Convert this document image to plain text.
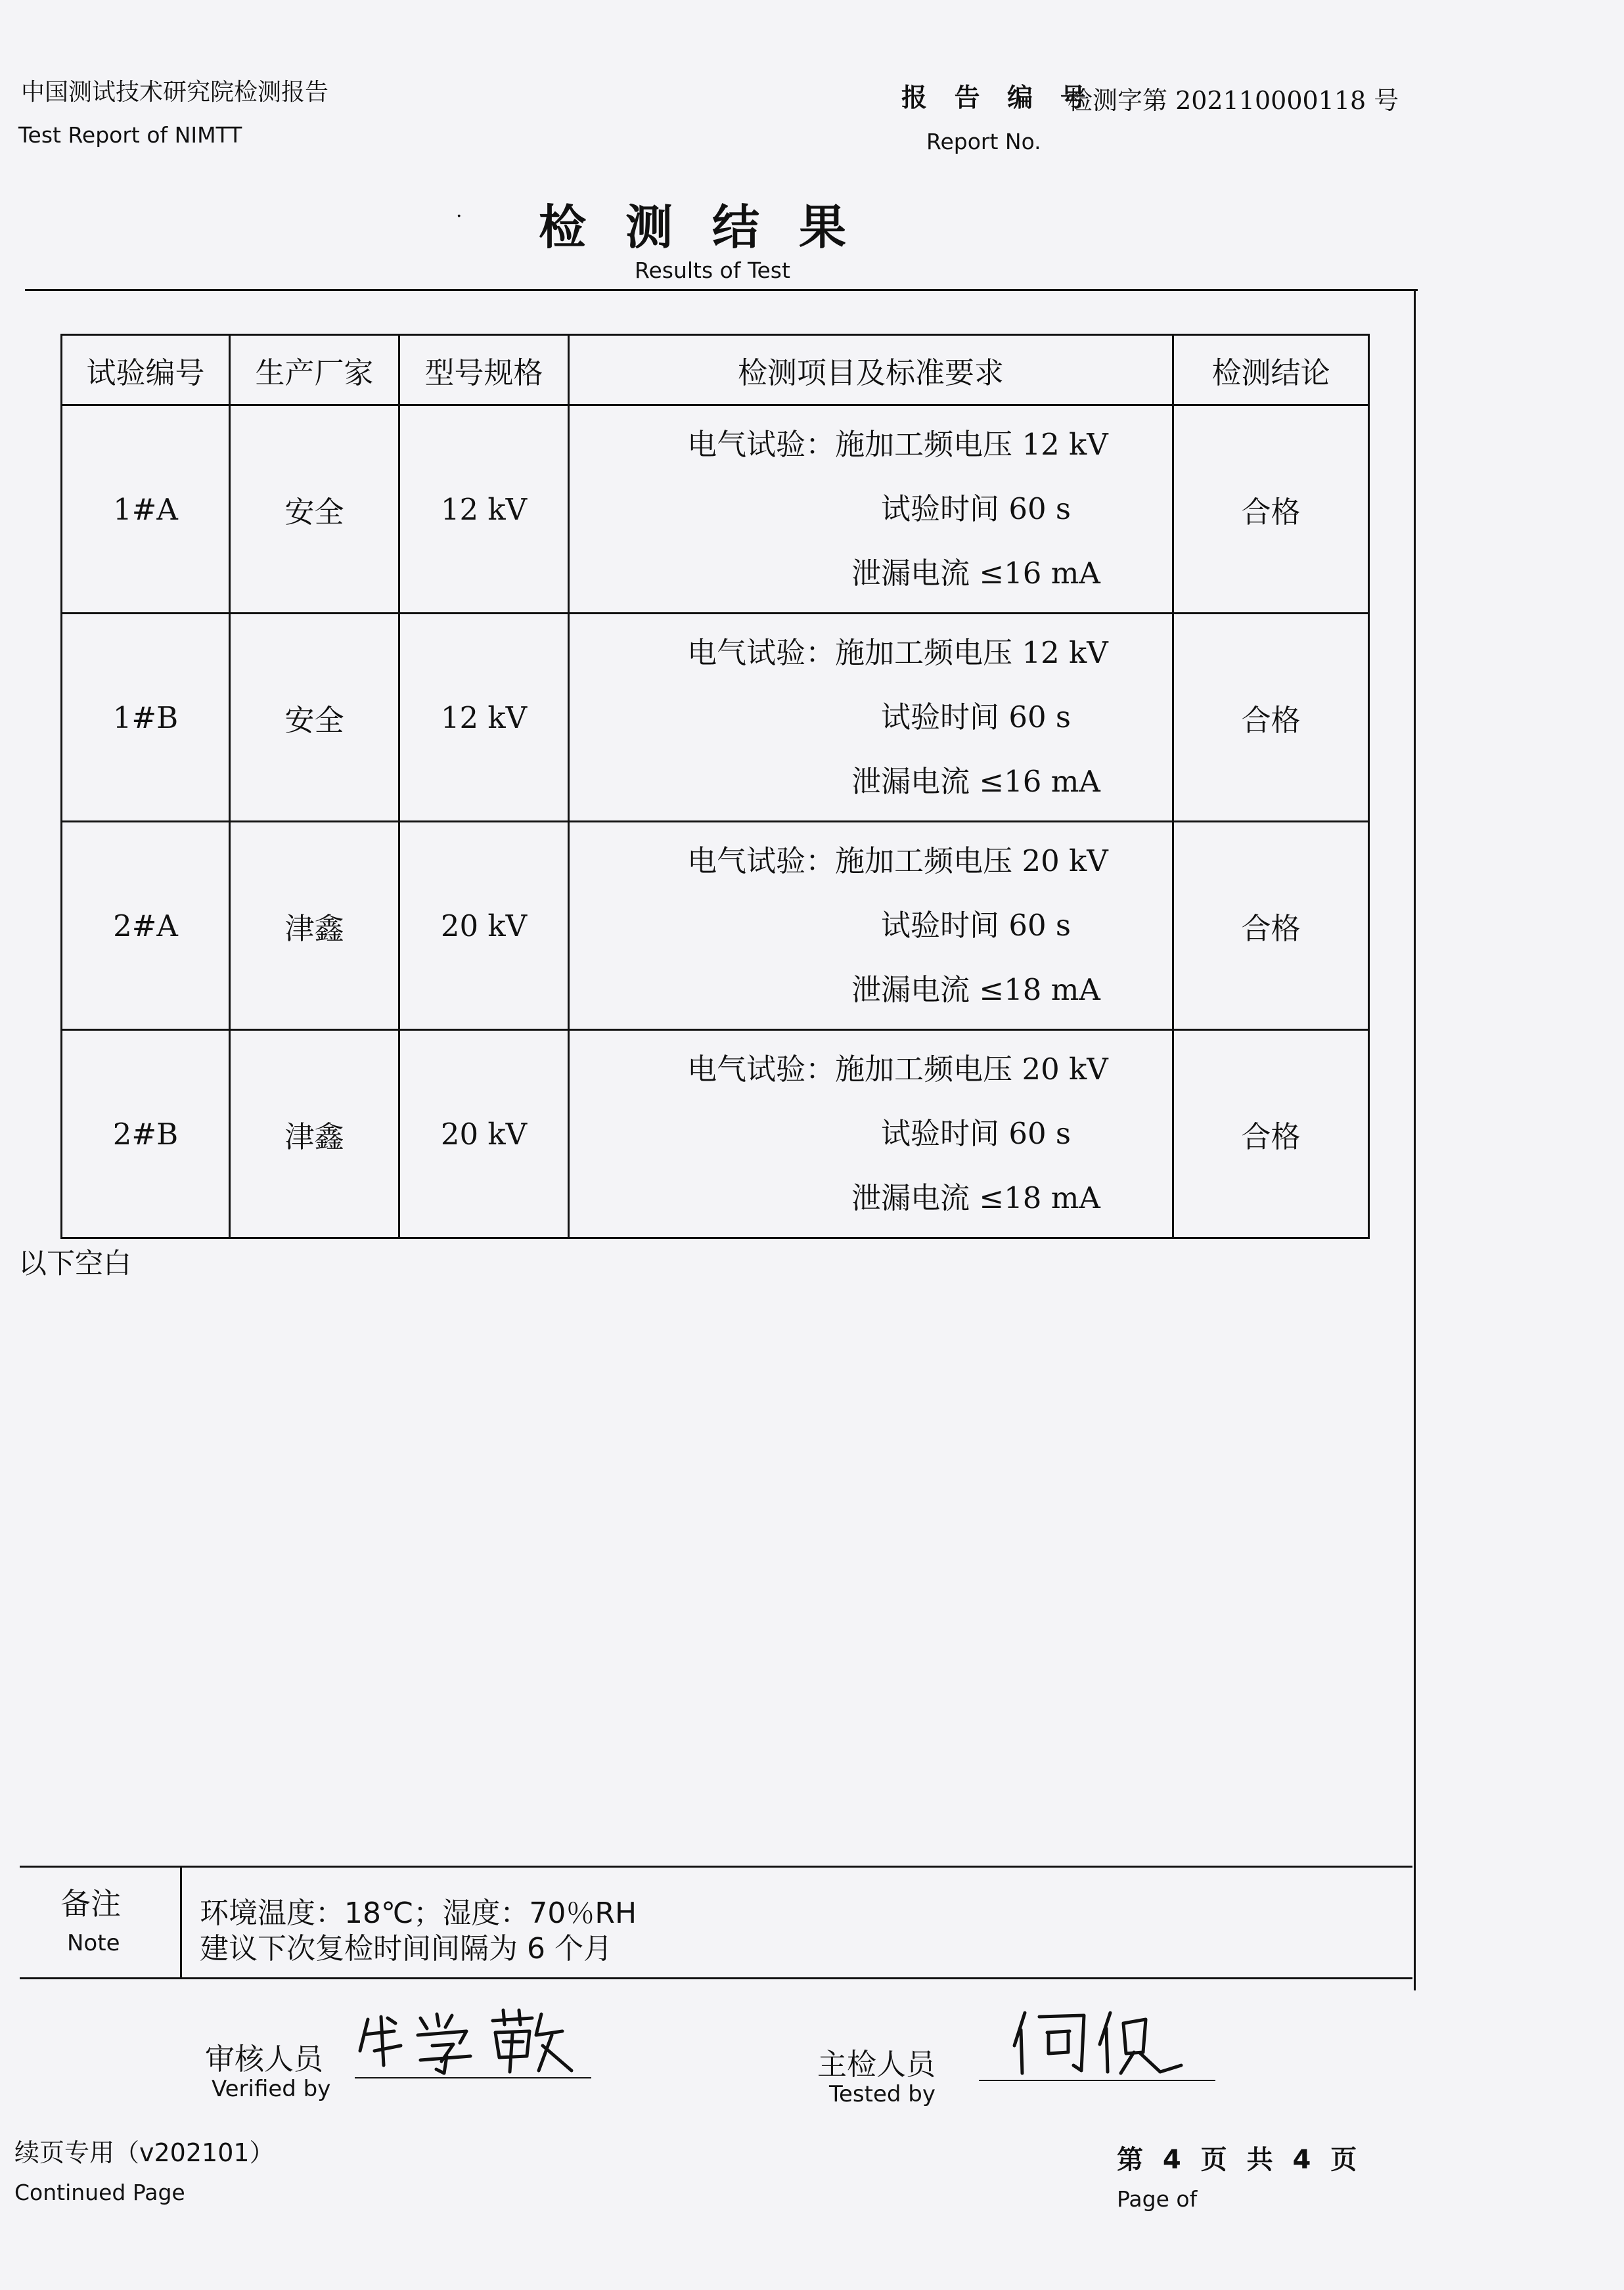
中国测试技术研究院检测报告
Test Report of NIMTT
报 告 编 号
检测字第 202110000118 号
Report No.
· 检测结果
Results of Test
试验编号	生产厂家	型号规格	检测项目及标准要求	检测结论
1#A	安全	12 kV	电气试验：施加工频电压 12 kV
试验时间 60 s
泄漏电流 ≤16 mA	合格
1#B	安全	12 kV	电气试验：施加工频电压 12 kV
试验时间 60 s
泄漏电流 ≤16 mA	合格
2#A	津鑫	20 kV	电气试验：施加工频电压 20 kV
试验时间 60 s
泄漏电流 ≤18 mA	合格
2#B	津鑫	20 kV	电气试验：施加工频电压 20 kV
试验时间 60 s
泄漏电流 ≤18 mA	合格
以下空白
备注
Note
环境温度：18℃；湿度：70％RH
建议下次复检时间间隔为 6 个月
审核人员
Verified by
主检人员
Tested by
续页专用（v202101）
Continued Page
第 4 页 共 4 页
Page of
